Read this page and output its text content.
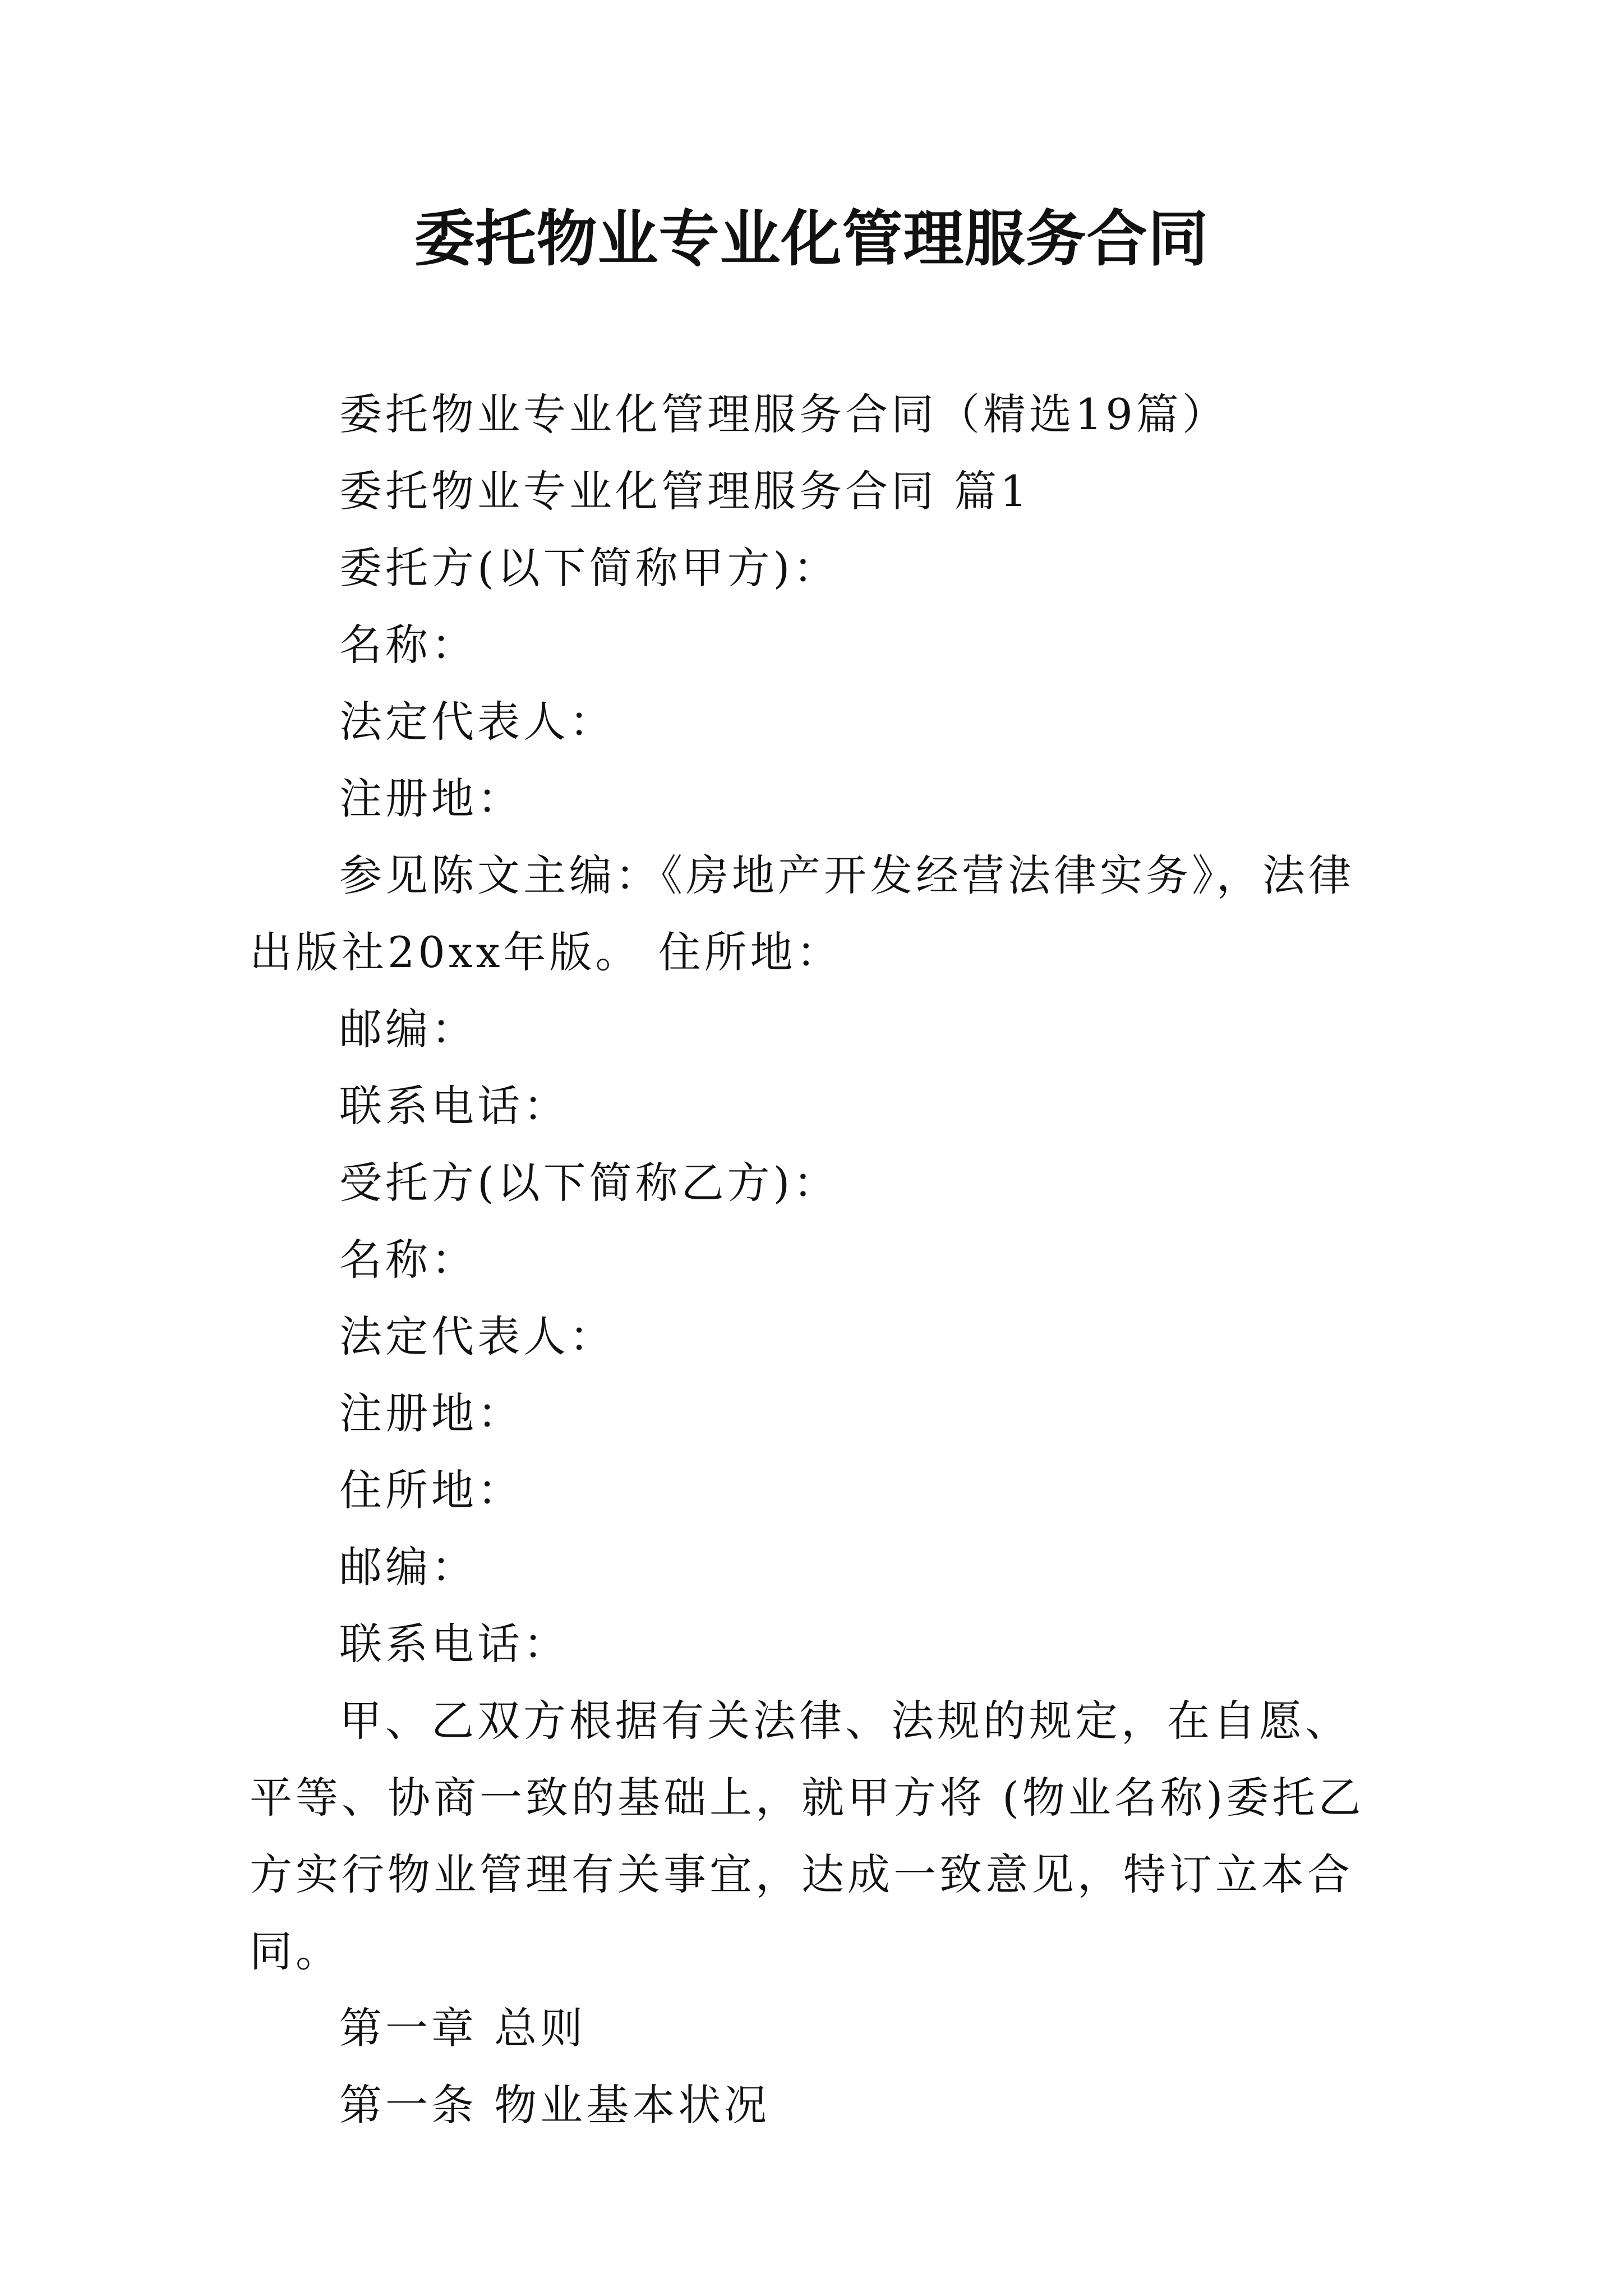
委托物业专业化管理服务合同

委托物业专业化管理服务合同（精选19篇）

委托物业专业化管理服务合同 篇1

委托方(以下简称甲方)：

名称：

法定代表人：

注册地：

参见陈文主编：《房地产开发经营法律实务》，法律出版社20xx年版。 住所地：

邮编：

联系电话：

受托方(以下简称乙方)：

名称：

法定代表人：

注册地：

住所地：

邮编：

联系电话：

甲、乙双方根据有关法律、法规的规定，在自愿、平等、协商一致的基础上，就甲方将 (物业名称)委托乙方实行物业管理有关事宜，达成一致意见，特订立本合同。

第一章 总则

第一条 物业基本状况
